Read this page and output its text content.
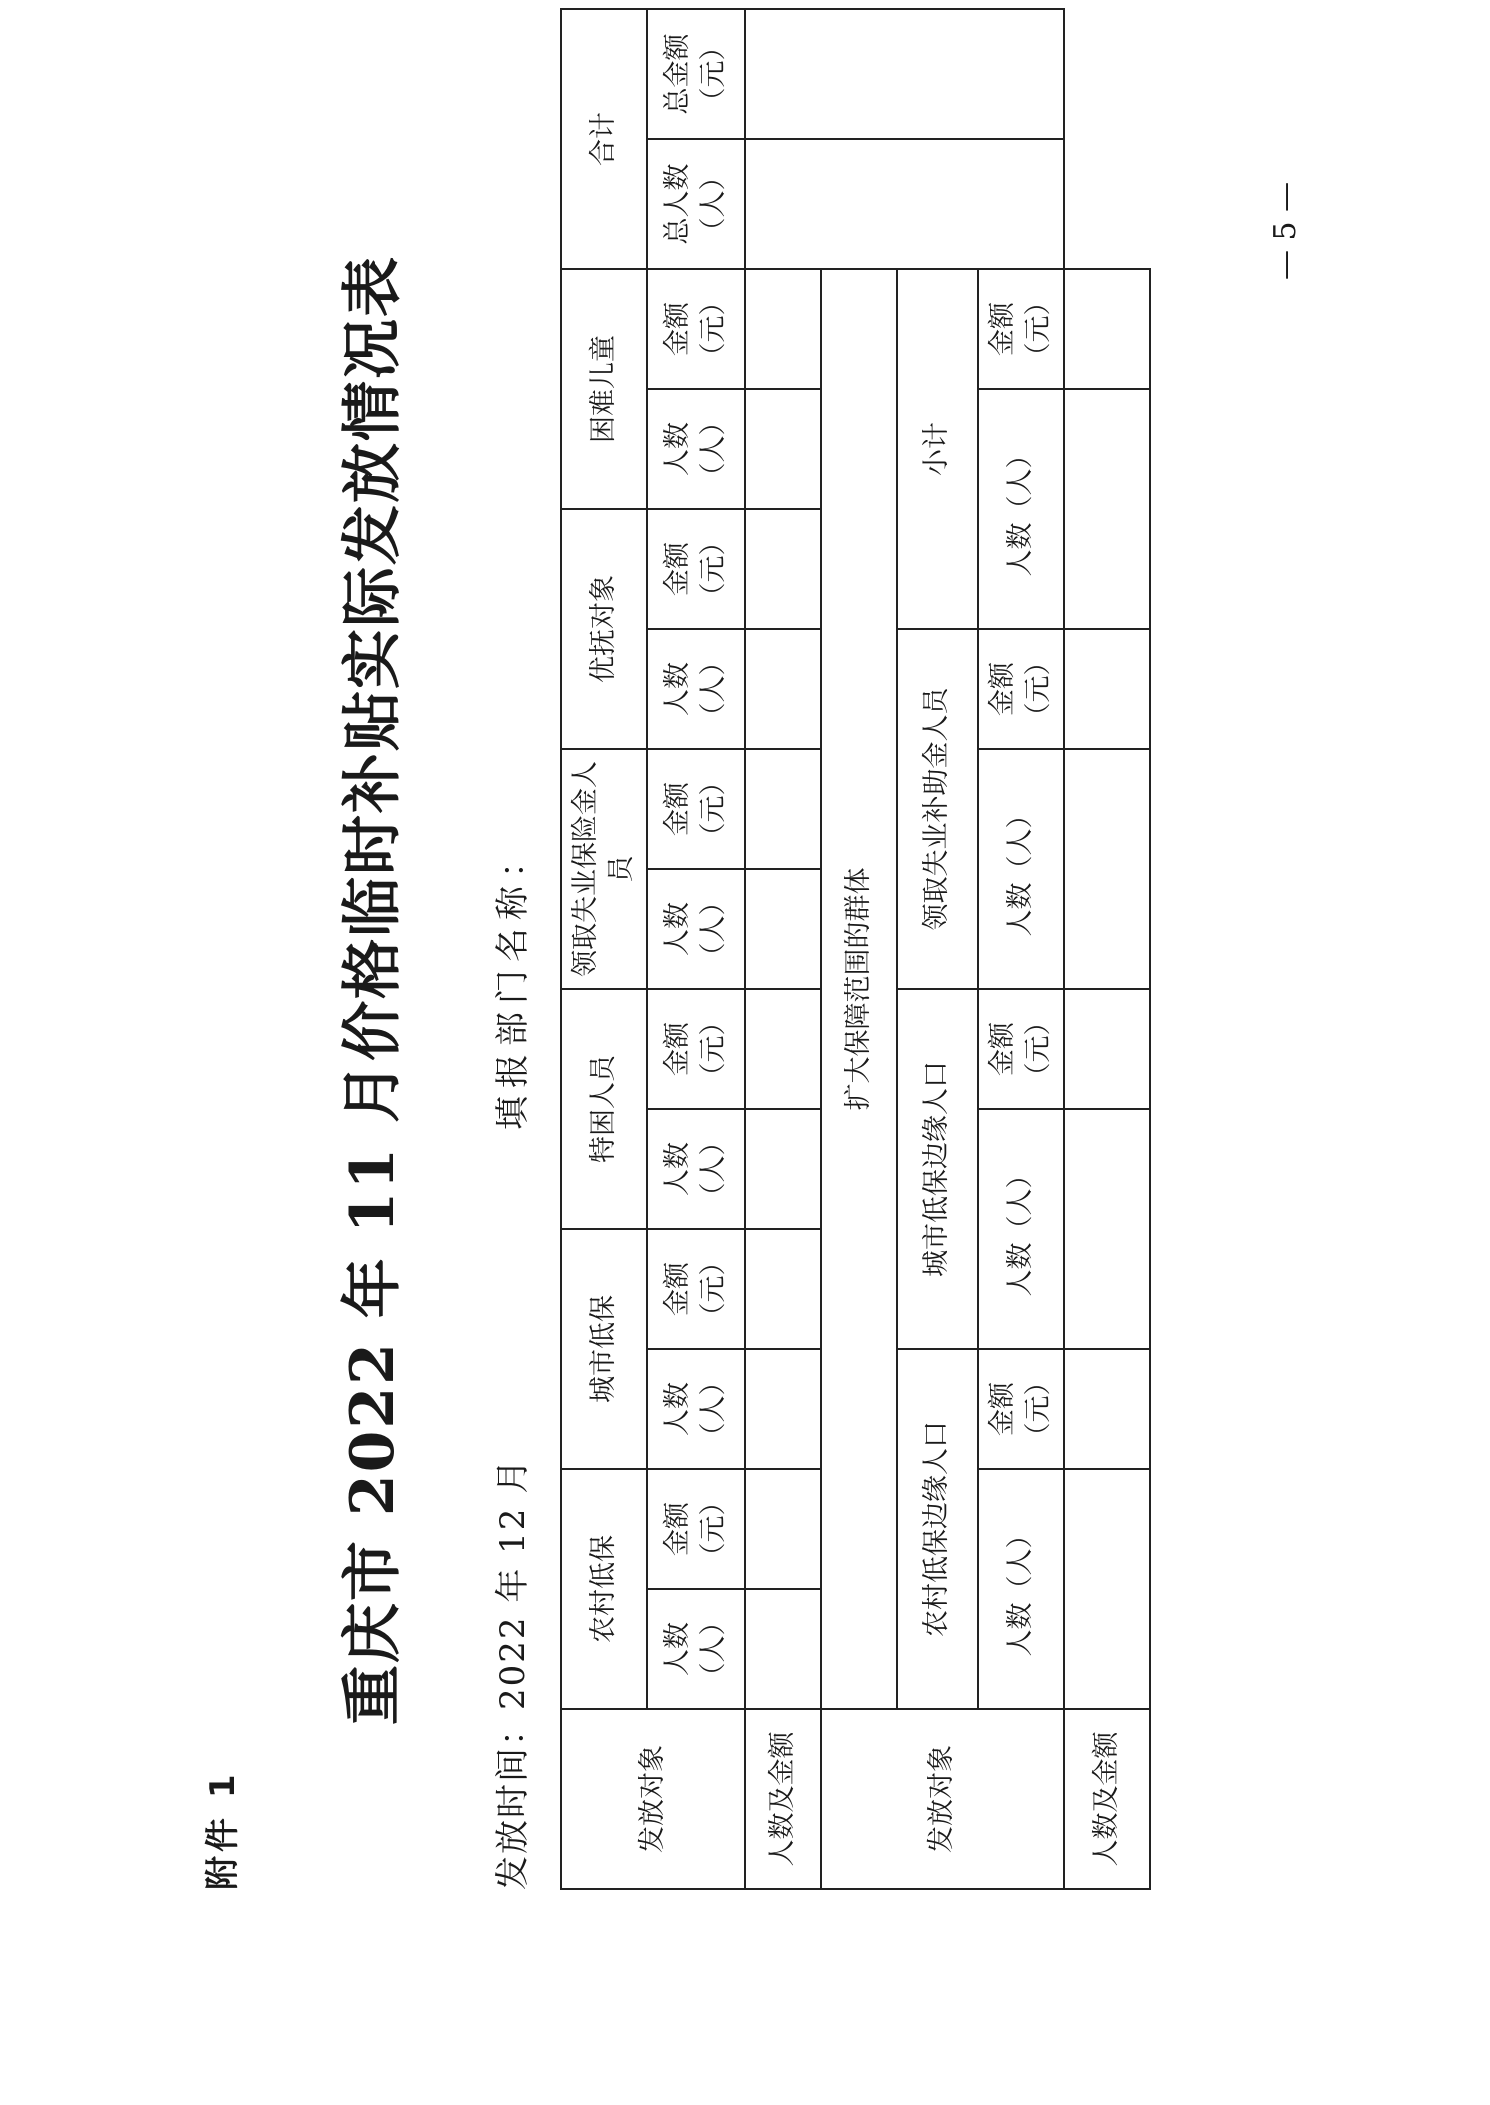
附件 1
重庆市 2022 年 11 月价格临时补贴实际发放情况表	发放时间：2022 年 12 月
填报部门名称：
发放对象	农村低保		城市低保		特困人员		领取失业保险金人员		优抚对象		困难儿童		合计	
	人数（人）	金额（元）	人数（人）	金额（元）	人数（人）	金额（元）	人数（人）	金额（元）	人数（人）	金额（元）	人数（人）	金额（元）	总人数（人）	总金额（元）

人数及金额														
发放对象	扩大保障范围的群体													
	农村低保边缘人口			城市低保边缘人口			领取失业补助金人员			小计				
	人数（人）		金额（元）	人数（人）		金额（元）	人数（人）		金额（元）	人数（人）		金额（元）		
人数及金额														
— 5 —
